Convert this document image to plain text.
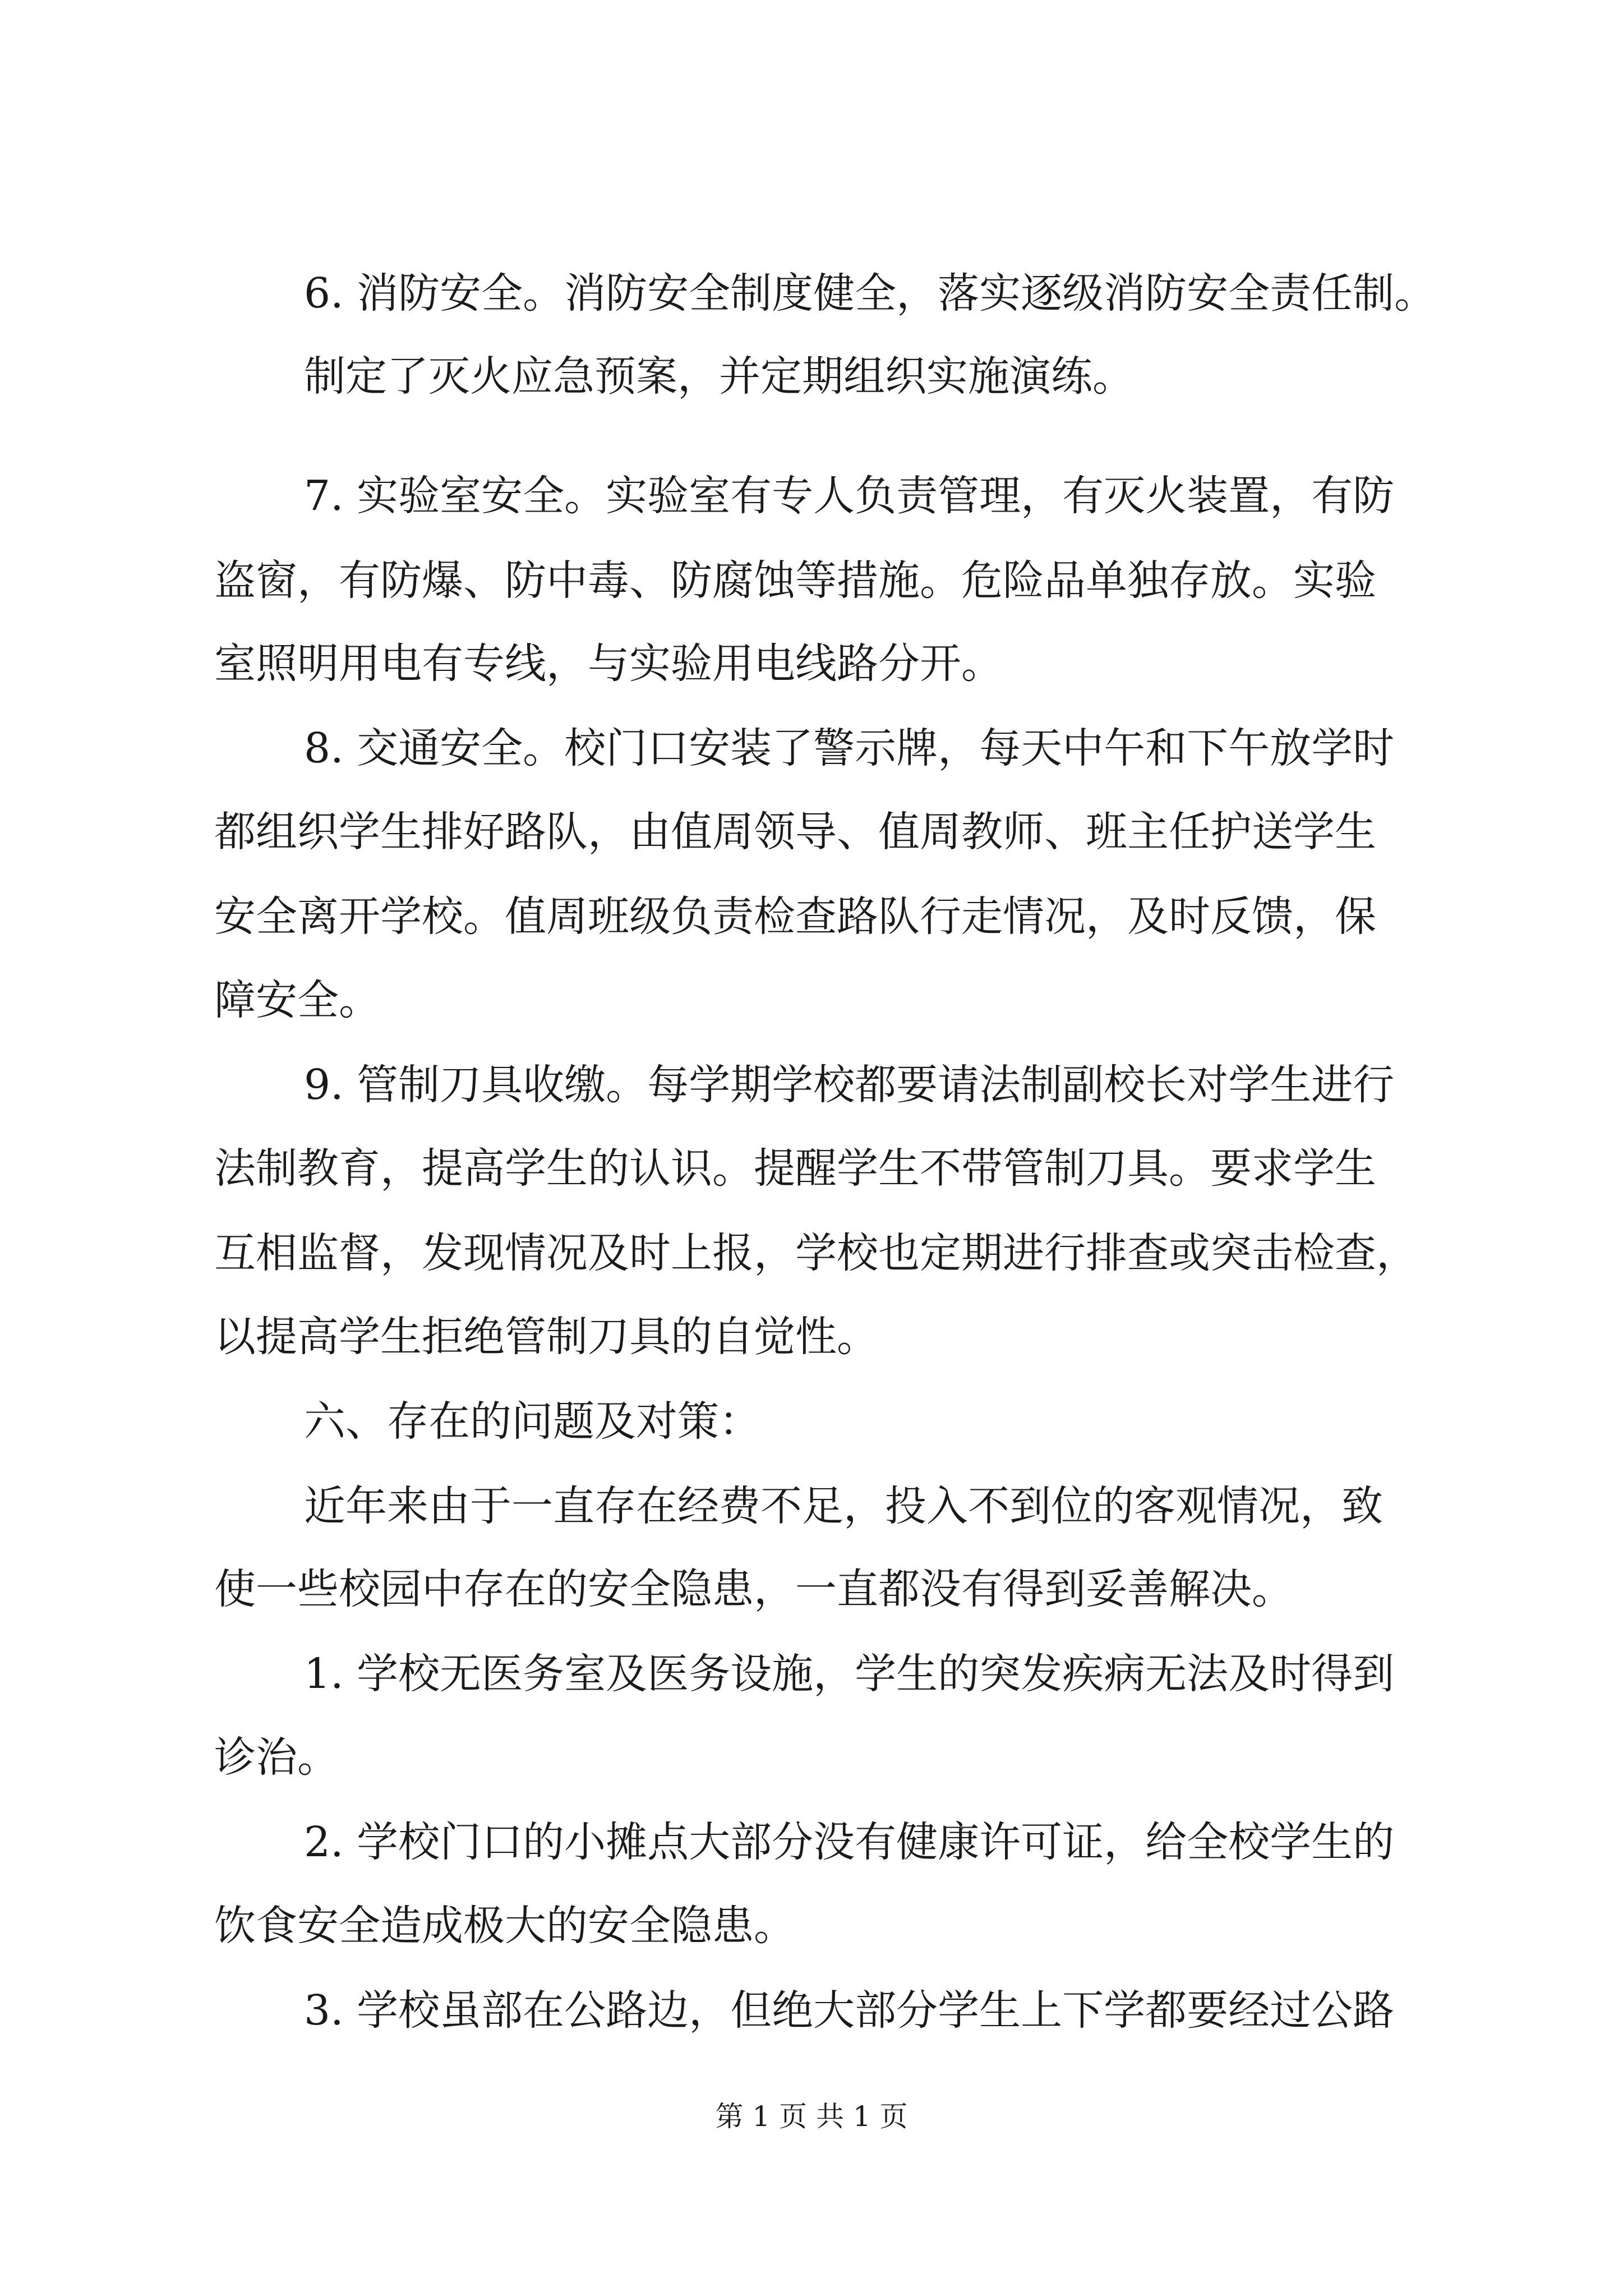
6. 消防安全。消防安全制度健全，落实逐级消防安全责任制。
制定了灭火应急预案，并定期组织实施演练。
7. 实验室安全。实验室有专人负责管理，有灭火装置，有防
盗窗，有防爆、防中毒、防腐蚀等措施。危险品单独存放。实验
室照明用电有专线，与实验用电线路分开。
8. 交通安全。校门口安装了警示牌，每天中午和下午放学时
都组织学生排好路队，由值周领导、值周教师、班主任护送学生
安全离开学校。值周班级负责检查路队行走情况，及时反馈，保
障安全。
9. 管制刀具收缴。每学期学校都要请法制副校长对学生进行
法制教育，提高学生的认识。提醒学生不带管制刀具。要求学生
互相监督，发现情况及时上报，学校也定期进行排查或突击检查，
以提高学生拒绝管制刀具的自觉性。
六、存在的问题及对策：
近年来由于一直存在经费不足，投入不到位的客观情况，致
使一些校园中存在的安全隐患，一直都没有得到妥善解决。
1. 学校无医务室及医务设施，学生的突发疾病无法及时得到
诊治。
2. 学校门口的小摊点大部分没有健康许可证，给全校学生的
饮食安全造成极大的安全隐患。
3. 学校虽部在公路边，但绝大部分学生上下学都要经过公路
第 1 页 共 1 页
